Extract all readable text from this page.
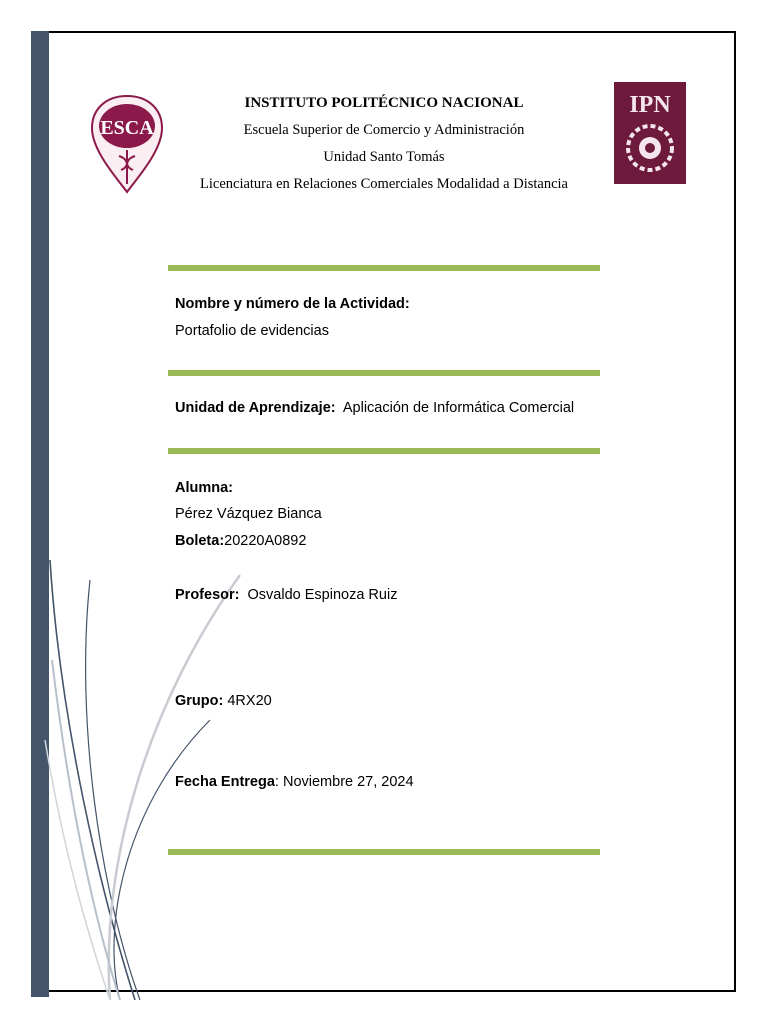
ESCA
IPN
INSTITUTO POLITÉCNICO NACIONAL
Escuela Superior de Comercio y Administración
Unidad Santo Tomás
Licenciatura en Relaciones Comerciales Modalidad a Distancia
Nombre y número de la Actividad:
Portafolio de evidencias
Unidad de Aprendizaje: Aplicación de Informática Comercial
Alumna:
Pérez Vázquez Bianca
Boleta:20220A0892
Profesor: Osvaldo Espinoza Ruiz
Grupo: 4RX20
Fecha Entrega: Noviembre 27, 2024
